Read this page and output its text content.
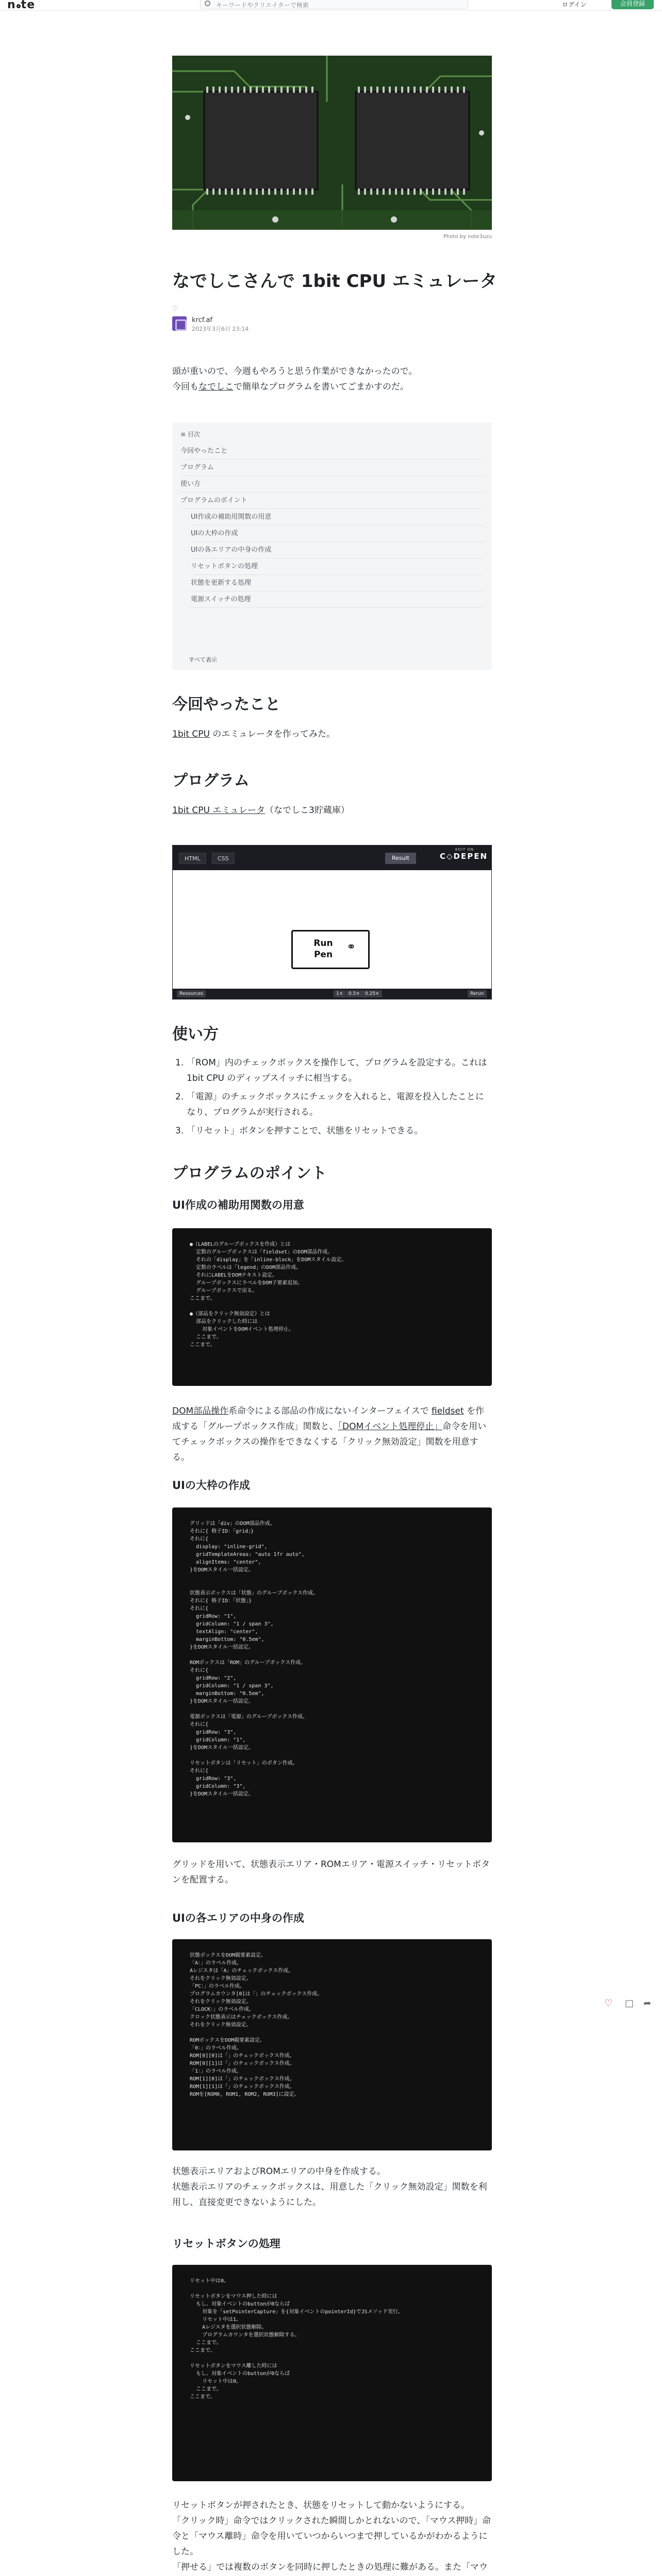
n te	キーワードやクリエイターで検索	ログイン	会員登録
Photo by note3uzu
なでしこさんで 1bit CPU エミュレータ
♡
krcf.af
2023年3月6日 23:14
頭が重いので、今週もやろうと思う作業ができなかったので。
今回もなでしこで簡単なプログラムを書いてごまかすのだ。
≡ 目次
今回やったこと
プログラム
使い方
プログラムのポイント
UI作成の補助用関数の用意
UIの大枠の作成
UIの各エリアの中身の作成
リセットボタンの処理
状態を更新する処理
電源スイッチの処理
すべて表示
今回やったこと
1bit CPU のエミュレータを作ってみた。
プログラム
1bit CPU エミュレータ（なでしこ3貯蔵庫）
HTML	CSS	Result
EDIT ON
C◇DEPEN
Run
Pen
⚭
Resources	1×	0.5×	0.25×	Rerun
使い方
1. 「ROM」内のチェックボックスを操作して、プログラムを設定する。これは 1bit CPU のディップスイッチに相当する。
2. 「電源」のチェックボックスにチェックを入れると、電源を投入したことになり、プログラムが実行される。
3. 「リセット」ボタンを押すことで、状態をリセットできる。
プログラムのポイント
UI作成の補助用関数の用意
●（LABELのグループボックスを作成）とは
定数のグループボックスは「fieldset」のDOM部品作成。
それの「display」を「inline-block」をDOMスタイル設定。
定数のラベルは「legend」のDOM部品作成。
それにLABELをDOMテキスト設定。
グループボックスにラベルをDOM子要素追加。
グループボックスで戻る。
ここまで。
●（部品をクリック無効設定）とは
部品をクリックした時には
対象イベントをDOMイベント処理停止。
ここまで。
ここまで。
DOM部品操作系命令による部品の作成にないインターフェイスで fieldset を作成する「グループボックス作成」関数と、「DOMイベント処理停止」命令を用いてチェックボックスの操作をできなくする「クリック無効設定」関数を用意する。
UIの大枠の作成
グリッドは「div」のDOM部品作成。
それに{ 格子ID：「grid」}
それに{
display: "inline-grid",
gridTemplateAreas: "auto 1fr auto",
alignItems: "center",
}をDOMスタイル一括設定。
状態表示ボックスは「状態」のグループボックス作成。
それに{ 格子ID：「状態」}
それに{
gridRow: "1",
gridColumn: "1 / span 3",
textAlign: "center",
marginBottom: "0.5em",
}をDOMスタイル一括設定。
ROMボックスは「ROM」のグループボックス作成。
それに{
gridRow: "2",
gridColumn: "1 / span 3",
marginBottom: "0.5em",
}をDOMスタイル一括設定。
電源ボックスは「電源」のグループボックス作成。
それに{
gridRow: "3",
gridColumn: "1",
}をDOMスタイル一括設定。
リセットボタンは「リセット」のボタン作成。
それに{
gridRow: "3",
gridColumn: "3",
}をDOMスタイル一括設定。
グリッドを用いて、状態表示エリア・ROMエリア・電源スイッチ・リセットボタンを配置する。
UIの各エリアの中身の作成
状態ボックスをDOM親要素設定。
「A：」のラベル作成。
Aレジスタは「A」のチェックボックス作成。
それをクリック無効設定。
「PC：」のラベル作成。
プログラムカウンタ[0]は「」のチェックボックス作成。
それをクリック無効設定。
「CLOCK：」のラベル作成。
クロック状態表示はチェックボックス作成。
それをクリック無効設定。
ROMボックスをDOM親要素設定。
「0：」のラベル作成。
ROM[0][0]は「」のチェックボックス作成。
ROM[0][1]は「」のチェックボックス作成。
「1：」のラベル作成。
ROM[1][0]は「」のチェックボックス作成。
ROM[1][1]は「」のチェックボックス作成。
ROMを[ROM0, ROM1, ROM2, ROM3]に設定。
状態表示エリアおよびROMエリアの中身を作成する。
状態表示エリアのチェックボックスは、用意した「クリック無効設定」関数を利用し、直接変更できないようにした。
リセットボタンの処理
リセット中は0。
リセットボタンをマウス押した時には
もし、対象イベントのbuttonが0ならば
対象を「setPointerCapture」を{対象イベントのpointerId}でJSメソッド実行。
リセット中は1。
Aレジスタを選択状態解除。
プログラムカウンタを選択状態解除する。
ここまで。
ここまで。
リセットボタンをマウス離した時には
もし、対象イベントのbuttonが0ならば
リセット中は0。
ここまで。
ここまで。
リセットボタンが押されたとき、状態をリセットして動かないようにする。
「クリック時」命令ではクリックされた瞬間しかとれないので、「マウス押時」命令と「マウス離時」命令を用いていつからいつまで押しているかがわかるようにした。
「押せる」では複数のボタンを同時に押したときの処理に難がある。また「マウ
♡ □ ➦
